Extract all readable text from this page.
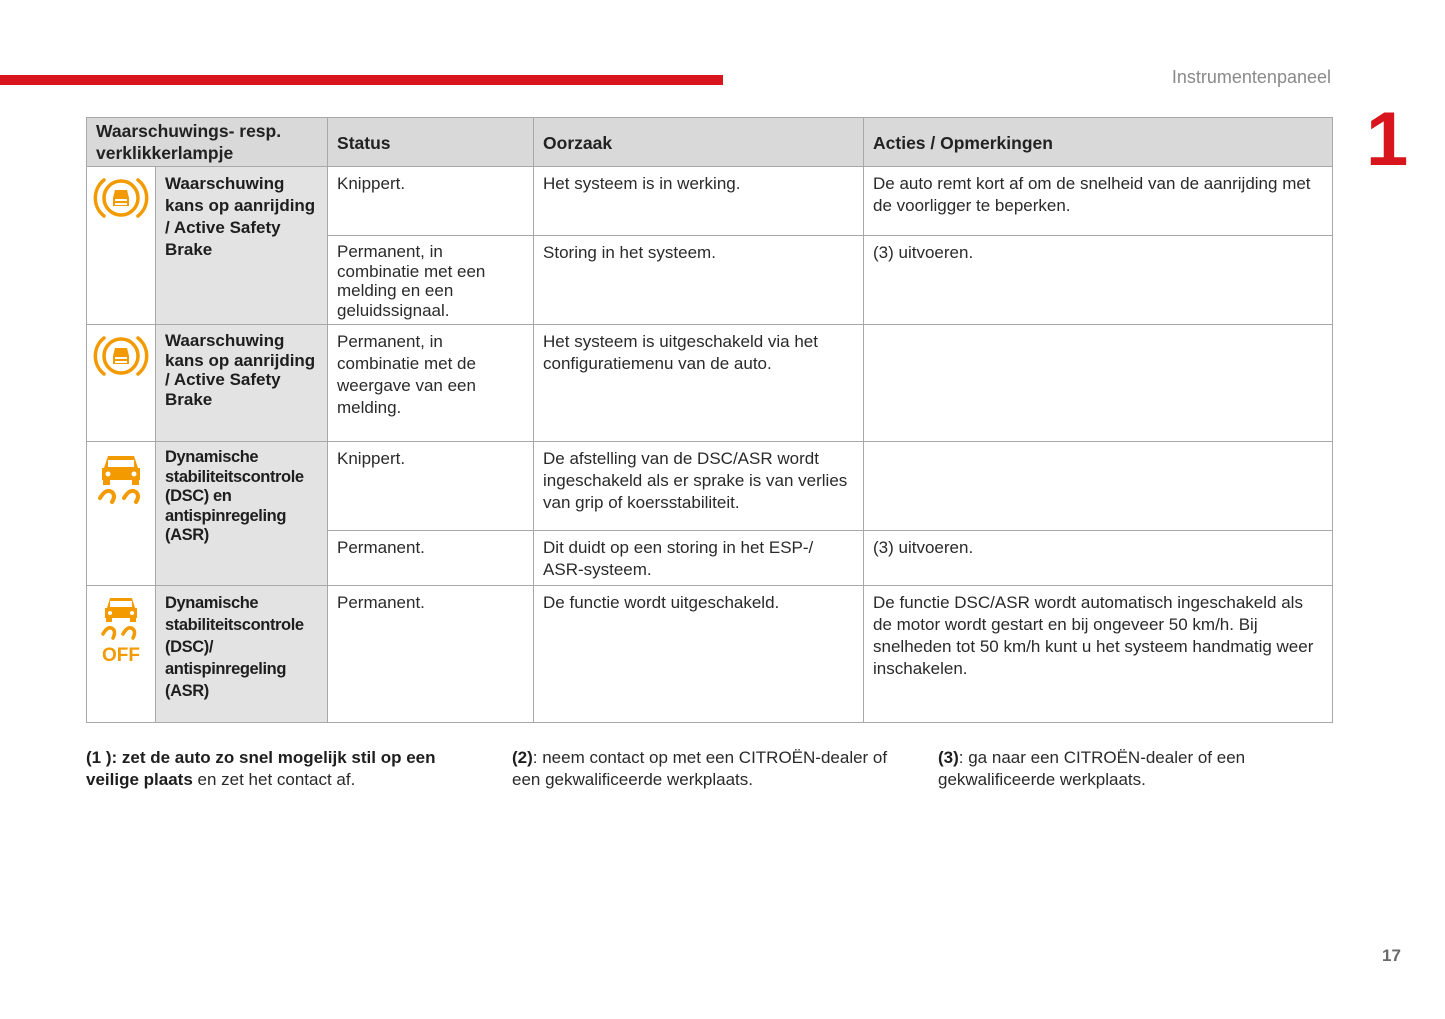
Instrumentenpaneel
1
Waarschuwings- resp. verklikkerlampje		Status	Oorzaak	Acties / Opmerkingen
	Waarschuwing kans op aanrijding / Active Safety Brake	Knippert.	Het systeem is in werking.	De auto remt kort af om de snelheid van de aanrijding met de voorligger te beperken.
		Permanent, in combinatie met een melding en een geluidssignaal.	Storing in het systeem.	(3) uitvoeren.
	Waarschuwing kans op aanrijding / Active Safety Brake	Permanent, in combinatie met de weergave van een melding.	Het systeem is uitgeschakeld via het configuratiemenu van de auto.	
	Dynamische stabiliteitscontrole (DSC) en antispinregeling (ASR)	Knippert.	De afstelling van de DSC/ASR wordt ingeschakeld als er sprake is van verlies van grip of koersstabiliteit.	
		Permanent.	Dit duidt op een storing in het ESP-/ ASR-systeem.	(3) uitvoeren.

OFF	Dynamische stabiliteitscontrole (DSC)/ antispinregeling (ASR)	Permanent.	De functie wordt uitgeschakeld.	De functie DSC/ASR wordt automatisch ingeschakeld als de motor wordt gestart en bij ongeveer 50 km/h. Bij snelheden tot 50 km/h kunt u het systeem handmatig weer inschakelen.
(1 ): zet de auto zo snel mogelijk stil op een veilige plaats en zet het contact af.
(2): neem contact op met een CITROËN-dealer of een gekwalificeerde werkplaats.
(3): ga naar een CITROËN-dealer of een gekwalificeerde werkplaats.
17
